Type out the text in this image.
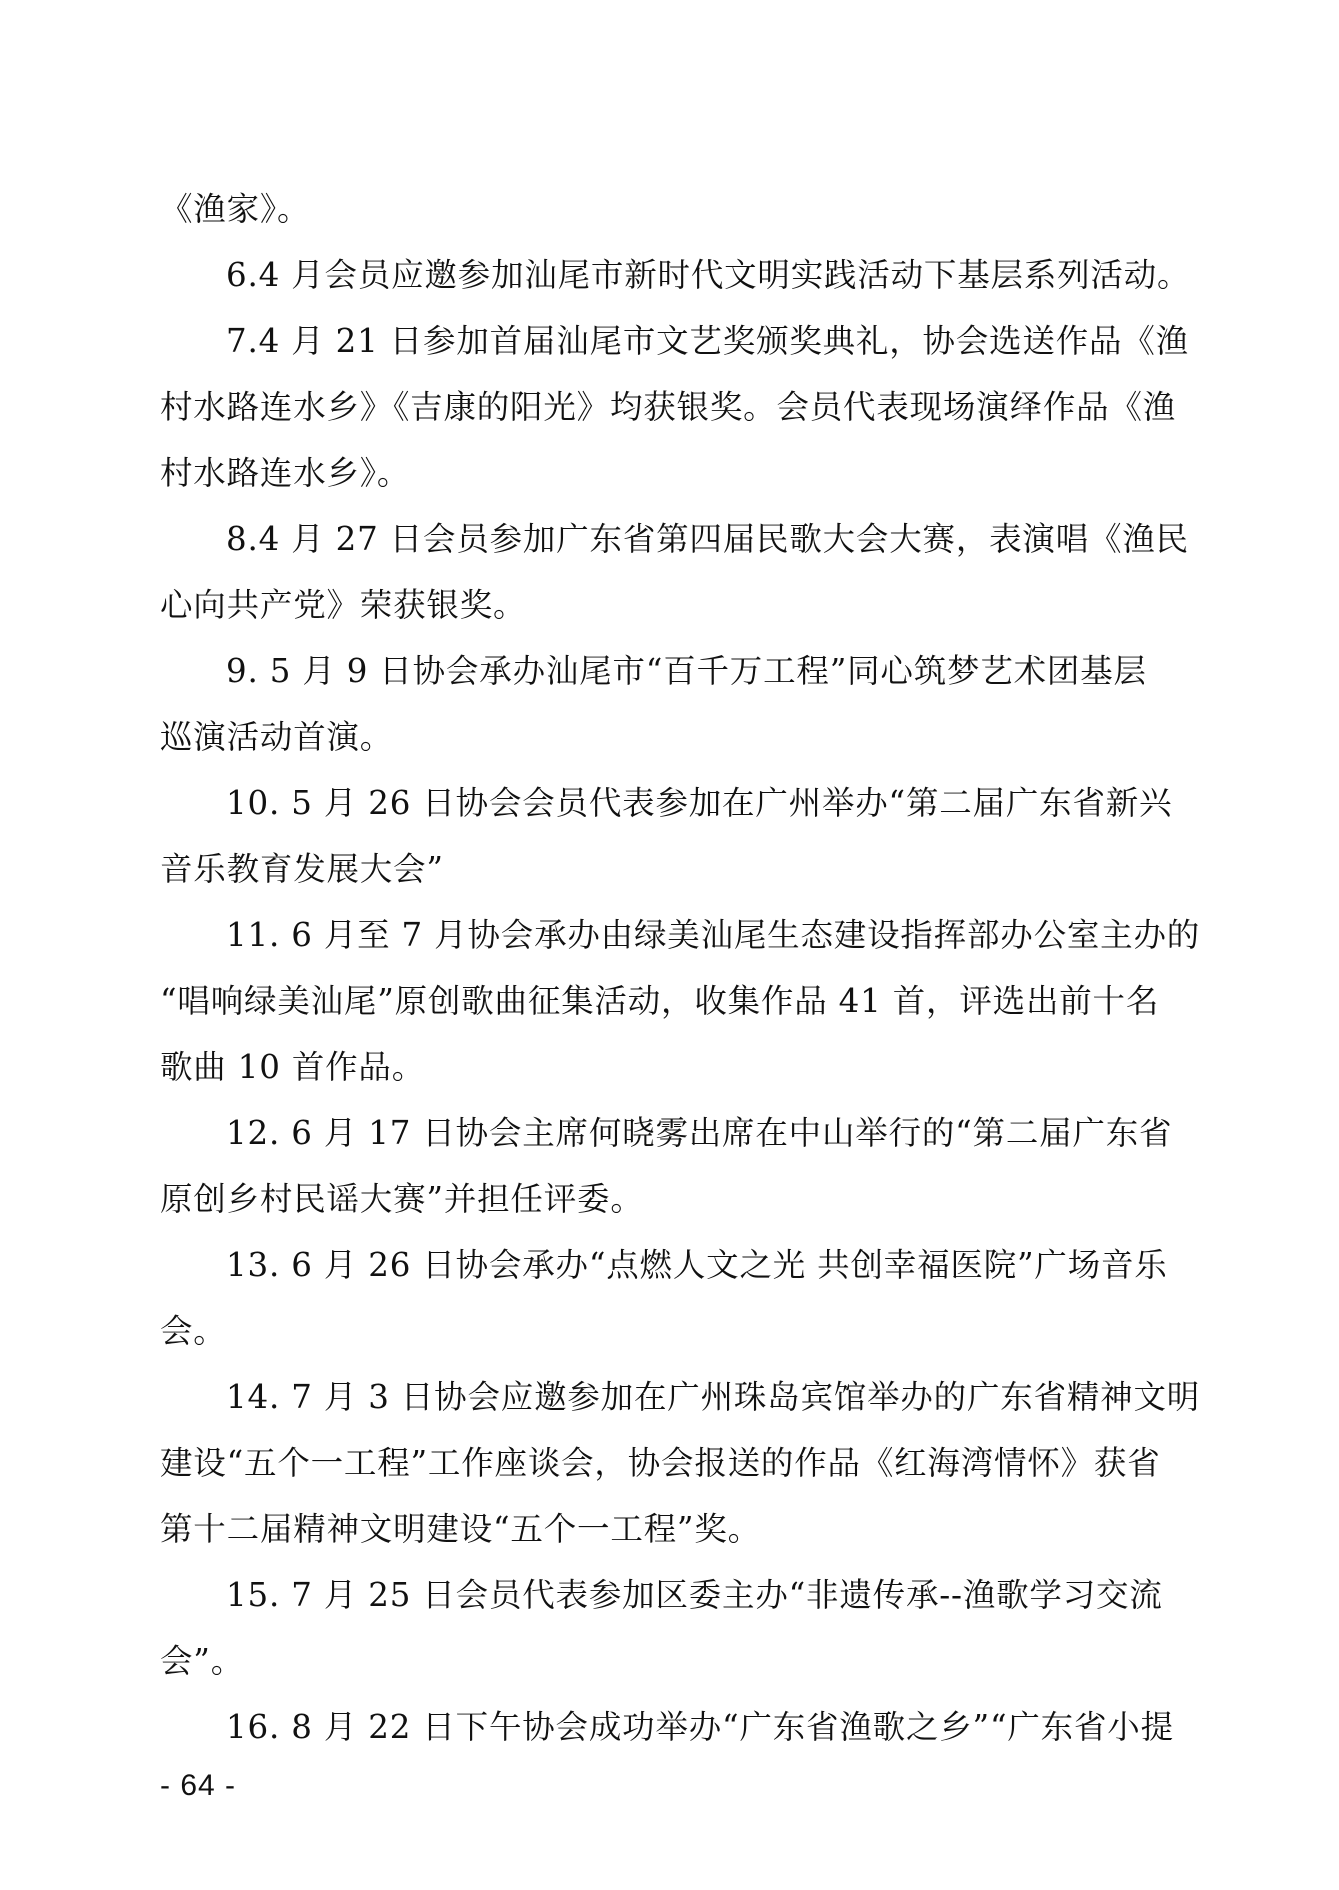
《渔家》。
6.4 月会员应邀参加汕尾市新时代文明实践活动下基层系列活动。
7.4 月 21 日参加首届汕尾市文艺奖颁奖典礼，协会选送作品《渔
村水路连水乡》《吉康的阳光》均获银奖。会员代表现场演绎作品《渔
村水路连水乡》。
8.4 月 27 日会员参加广东省第四届民歌大会大赛，表演唱《渔民
心向共产党》荣获银奖。
9. 5 月 9 日协会承办汕尾市“百千万工程”同心筑梦艺术团基层
巡演活动首演。
10. 5 月 26 日协会会员代表参加在广州举办“第二届广东省新兴
音乐教育发展大会”
11. 6 月至 7 月协会承办由绿美汕尾生态建设指挥部办公室主办的
“唱响绿美汕尾”原创歌曲征集活动，收集作品 41 首，评选出前十名
歌曲 10 首作品。
12. 6 月 17 日协会主席何晓雾出席在中山举行的“第二届广东省
原创乡村民谣大赛”并担任评委。
13. 6 月 26 日协会承办“点燃人文之光 共创幸福医院”广场音乐
会。
14. 7 月 3 日协会应邀参加在广州珠岛宾馆举办的广东省精神文明
建设“五个一工程”工作座谈会，协会报送的作品《红海湾情怀》获省
第十二届精神文明建设“五个一工程”奖。
15. 7 月 25 日会员代表参加区委主办“非遗传承--渔歌学习交流
会”。
16. 8 月 22 日下午协会成功举办“广东省渔歌之乡”“广东省小提
- 64 -
